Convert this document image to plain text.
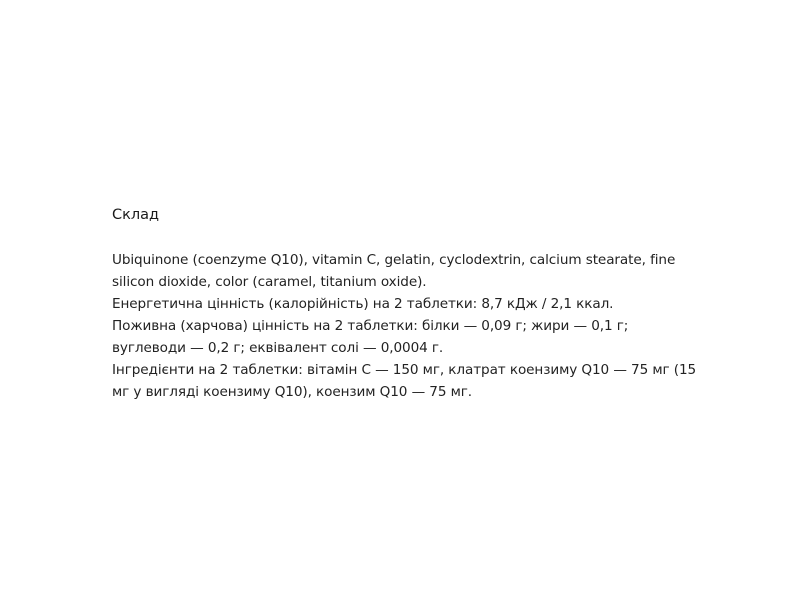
Склад

Ubiquinone (coenzyme Q10), vitamin C, gelatin, cyclodextrin, calcium stearate, fine silicon dioxide, color (caramel, titanium oxide).

Енергетична цінність (калорійність) на 2 таблетки: 8,7 кДж / 2,1 ккал.

Поживна (харчова) цінність на 2 таблетки: білки — 0,09 г; жири — 0,1 г; вуглеводи — 0,2 г; еквівалент солі — 0,0004 г.

Інгредієнти на 2 таблетки: вітамін С — 150 мг, клатрат коензиму Q10 — 75 мг (15 мг у вигляді коензиму Q10), коензим Q10 — 75 мг.
